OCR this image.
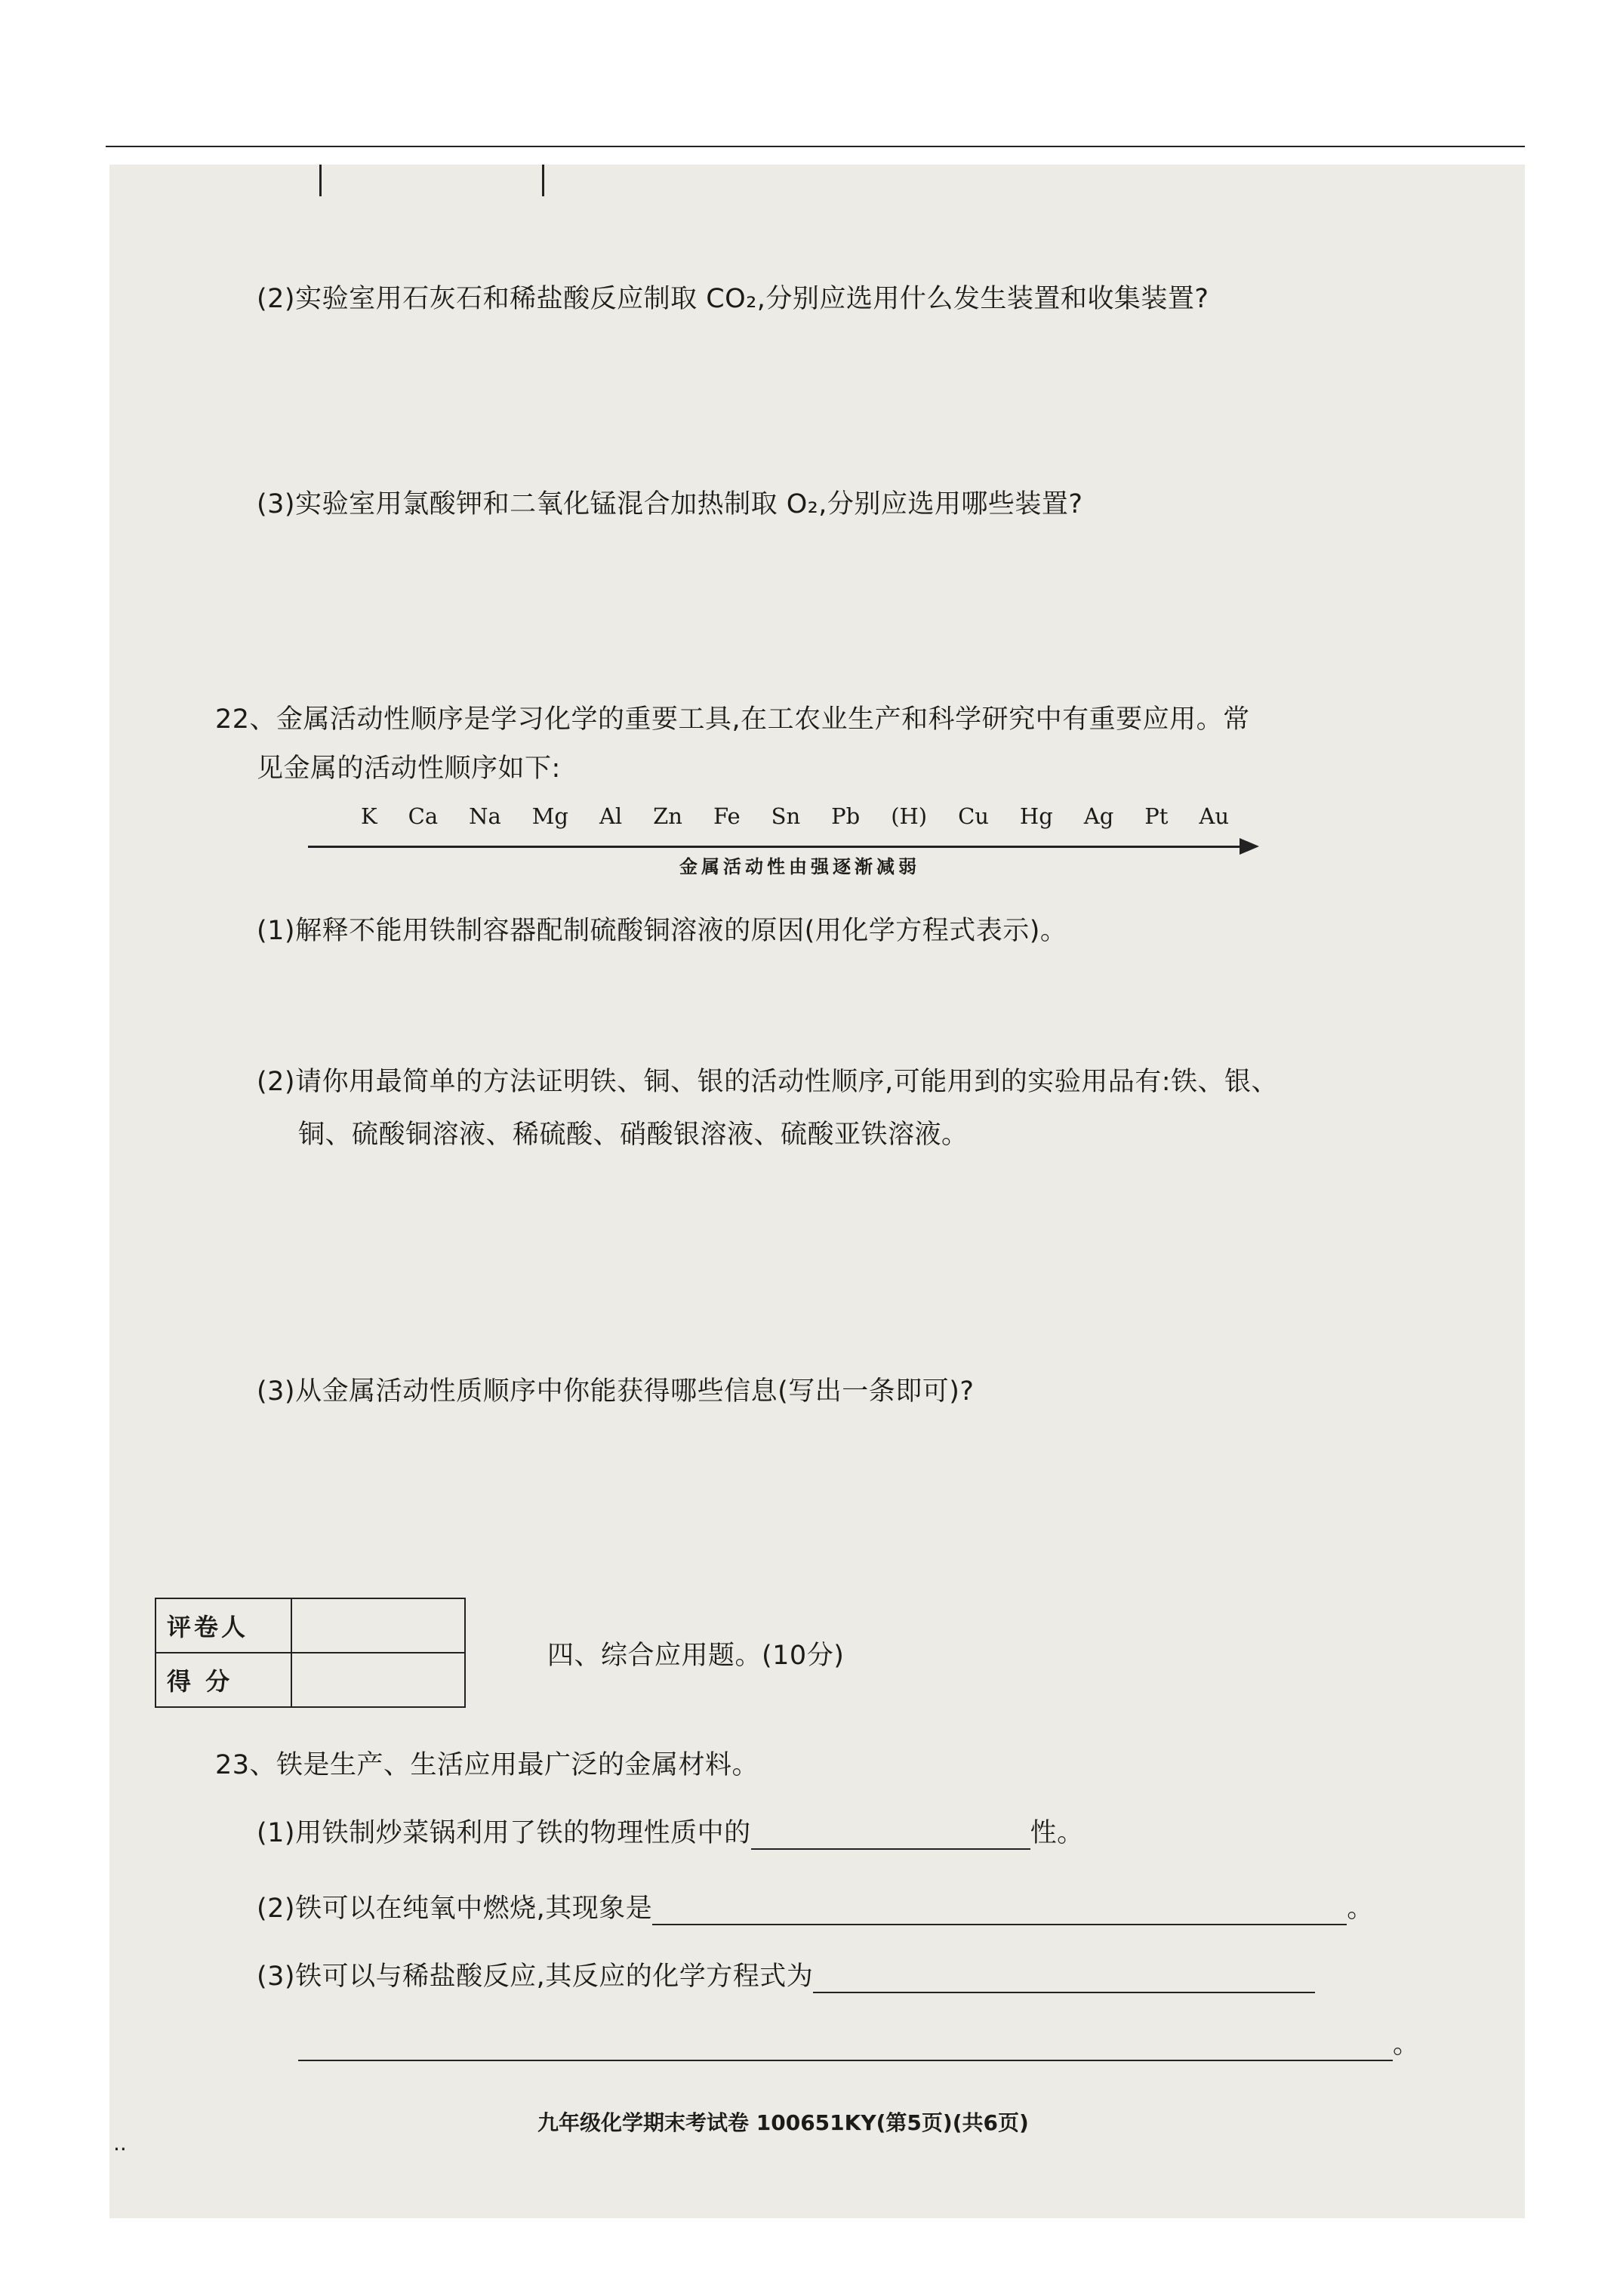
(2)实验室用石灰石和稀盐酸反应制取 CO₂,分别应选用什么发生装置和收集装置?
(3)实验室用氯酸钾和二氧化锰混合加热制取 O₂,分别应选用哪些装置?
22、金属活动性顺序是学习化学的重要工具,在工农业生产和科学研究中有重要应用。常
见金属的活动性顺序如下:
K Ca Na Mg Al Zn Fe Sn Pb (H) Cu Hg Ag Pt Au
金属活动性由强逐渐减弱
(1)解释不能用铁制容器配制硫酸铜溶液的原因(用化学方程式表示)。
(2)请你用最简单的方法证明铁、铜、银的活动性顺序,可能用到的实验用品有:铁、银、
铜、硫酸铜溶液、稀硫酸、硝酸银溶液、硫酸亚铁溶液。
(3)从金属活动性质顺序中你能获得哪些信息(写出一条即可)?
评卷人	
得 分	
四、综合应用题。(10分)
23、铁是生产、生活应用最广泛的金属材料。
(1)用铁制炒菜锅利用了铁的物理性质中的	性。
(2)铁可以在纯氧中燃烧,其现象是	。
(3)铁可以与稀盐酸反应,其反应的化学方程式为
。
九年级化学期末考试卷 100651KY(第5页)(共6页)
··
